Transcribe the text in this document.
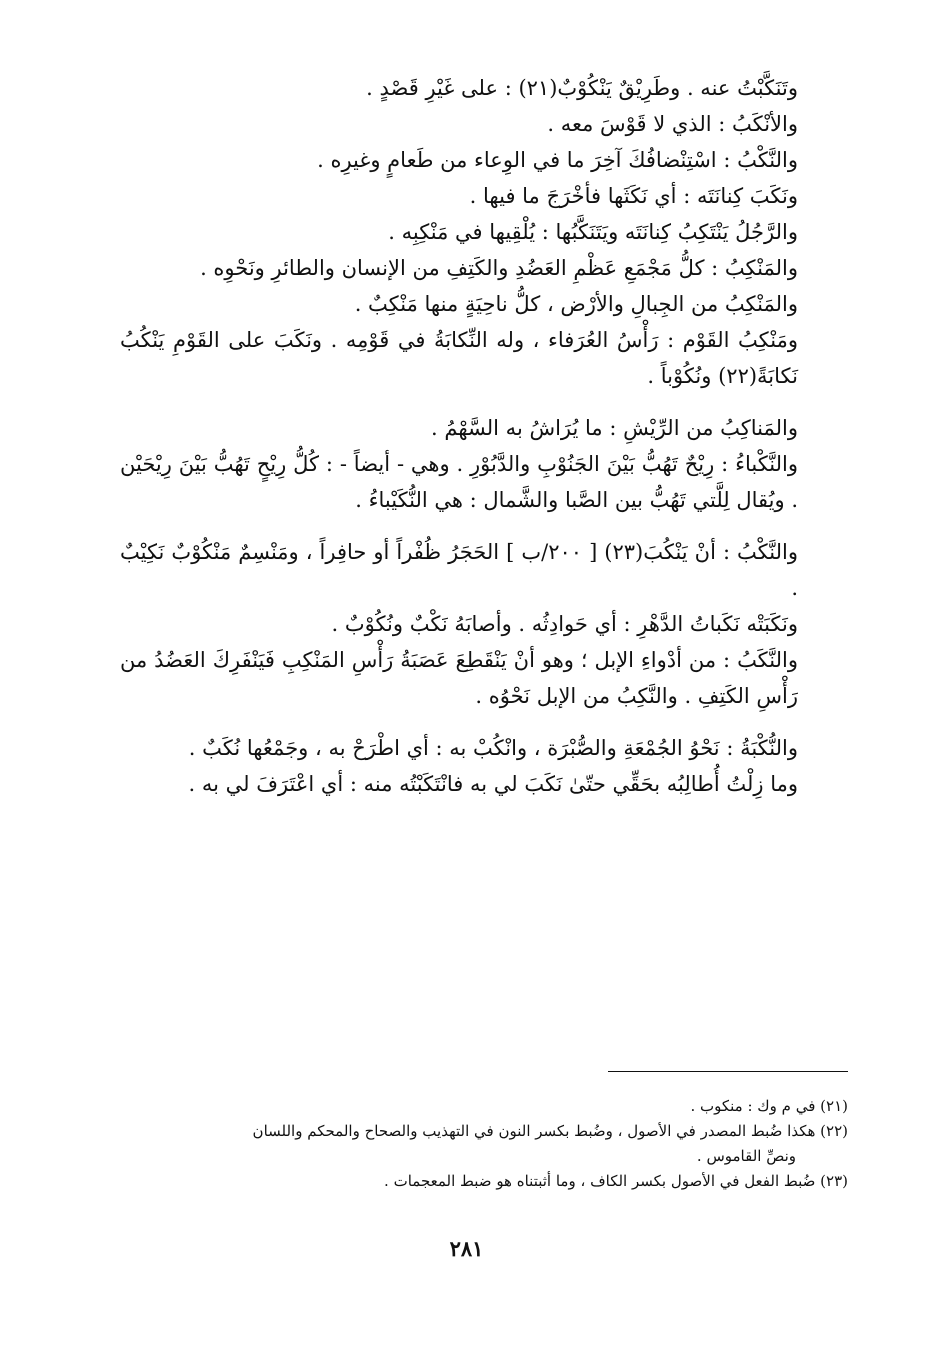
وتَنَكَّبْتُ عنه . وطَرِيْقٌ يَنْكُوْبٌ(٢١) : على غَيْرِ قَصْدٍ .

والأنْكَبُ : الذي لا قَوْسَ معه .

والنَّكْبُ : اسْتِنْضافُكَ آخِرَ ما في الوِعاء من طَعامٍ وغيرِه .

ونَكَبَ كِنانَتَه : أي نَكَثَها فأخْرَجَ ما فيها .

والرَّجُلُ يَنْتَكِبُ كِنانَتَه ويَتَنَكَّبُها : يُلْقِيها في مَنْكِبِه .

والمَنْكِبُ : كلُّ مَجْمَعِ عَظْمِ العَضُدِ والكَتِفِ من الإنسان والطائرِ ونَحْوِه .

والمَنْكِبُ من الجِبالِ والأرْض ، كلُّ ناحِيَةٍ منها مَنْكِبٌ .

ومَنْكِبُ القَوْم : رَأْسُ العُرَفاء ، وله النِّكابَةُ في قَوْمِه . ونَكَبَ على القَوْمِ يَنْكُبُ نَكابَةً(٢٢) ونُكُوْباً .

والمَناكِبُ من الرِّيْشِ : ما يُرَاشُ به السَّهْمُ .

والنَّكْباءُ : رِيْحٌ تَهُبُّ بَيْنَ الجَنُوْبِ والدَّبُوْرِ . وهي - أيضاً - : كُلُّ رِيْحٍ تَهُبُّ بَيْنَ رِيْحَيْن . ويُقال لِلَّتي تَهُبُّ بين الصَّبا والشَّمال : هي النُّكَيْباءُ .

والنَّكْبُ : أنْ يَنْكُبَ(٢٣) [ ٢٠٠/ب ] الحَجَرُ ظُفْراً أو حافِراً ، ومَنْسِمٌ مَنْكُوْبٌ نَكِيْبٌ .

ونَكَبَتْه نَكَباتُ الدَّهْرِ : أي حَوادِثُه . وأصابَهُ نَكْبٌ ونُكُوْبٌ .

والنَّكَبُ : من أدْواءِ الإبل ؛ وهو أنْ يَنْقَطِعَ عَصَبَةُ رَأْسِ المَنْكِبِ فَيَنْفَرِكَ العَضُدُ من رَأْسِ الكَتِفِ . والنَّكِبُ من الإبل نَحْوُه .

والنُّكْبَةُ : نَحْوُ الجُمْعَةِ والصُّبْرَة ، وانْكُبْ به : أي اطْرَحْ به ، وجَمْعُها نُكَبٌ .

وما زِلْتُ أُطالِبُه بحَقِّي حتّىٰ نَكَبَ لي به فانْتَكَبْتُه منه : أي اعْتَرَفَ لي به .

(٢١) في م وك : منكوب .

(٢٢) هكذا ضُبط المصدر في الأصول ، وضُبط بكسر النون في التهذيب والصحاح والمحكم واللسان

ونصِّ القاموس .

(٢٣) ضُبط الفعل في الأصول بكسر الكاف ، وما أثبتناه هو ضبط المعجمات .

٢٨١
